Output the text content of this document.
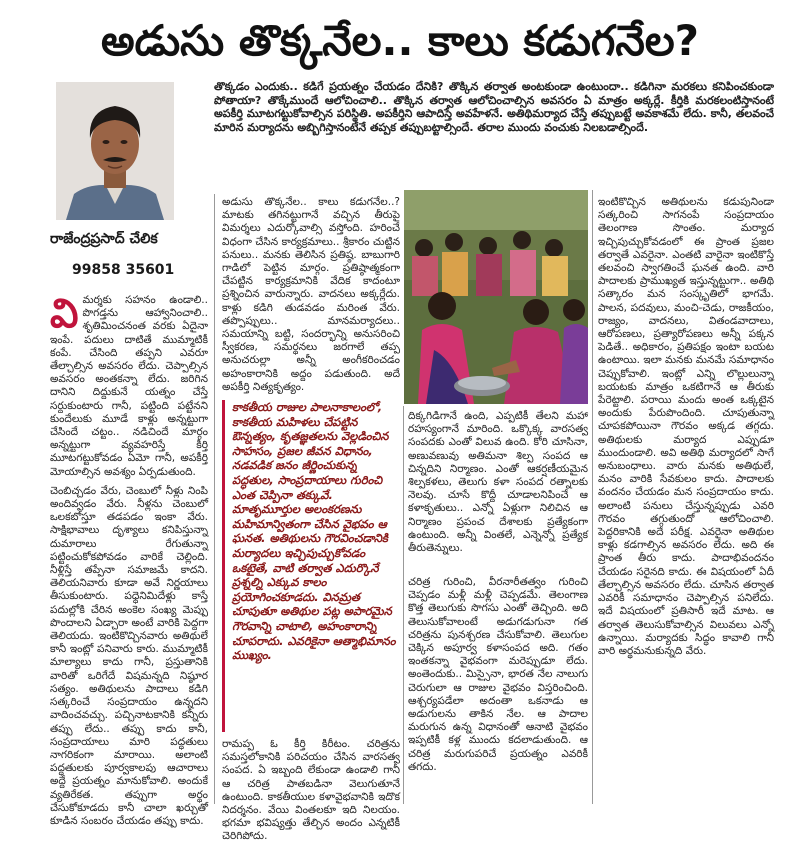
అడుసు తొక్కనేల.. కాలు కడుగనేల?
రాజేంద్రప్రసాద్ చేలిక
99858 35601
తొక్కడం ఎందుకు.. కడిగే ప్రయత్నం చేయడం దేనికి? తొక్కిన తర్వాత అంటకుండా ఉంటుందా.. కడిగినా మరకలు కనిపించకుండా పోతాయా? తొక్కేముందే ఆలోచించాలి.. తొక్కిన తర్వాత ఆలోచించాల్సిన అవసరం ఏ మాత్రం అక్కర్లే. కీర్తికి మరకలంటిస్తానంటే అపకీర్తి మూటగట్టుకోవాల్సిన పరిస్థితి. అపకీర్తిని ఆపాదిస్తే అవహేళనే. అతిథిమర్యాద చేస్తే తప్పుబట్టే అవకాశమే లేదు. కానీ, తలవంచే మారిన మర్యాదను అబ్బిగిస్తానంటేనే తప్పక తప్పుబట్టాల్సిందే. తరాల ముందు వంచుకు నిలబడాల్సిందే.

విమర్శకు సహనం ఉండాలి.. పొగడ్తను ఆహ్వానించాలి.. శృతిమించనంత వరకు ఏదైనా ఇంపే. పదులు దాటితే ముమ్మాటికీ కంపే. చేసింది తప్పని ఎవరూ తేల్చాల్సిన అవసరం లేదు. చెప్పాల్సిన అవసరం అంతకన్నా లేదు. జరిగిన దానిని దిద్దుకునే యత్నం చేస్తే సర్దుకుంటారు గానీ, పట్టింది పట్టేనని కుందేలుకు మూడే కాళ్లు అన్నట్టుగా చేసిందే చట్టం.. నడిచిందే మార్గం అన్నట్టుగా వ్యవహరిస్తే కీర్తి మూటగట్టుకోవడం ఏమో గానీ, అపకీర్తి మోయాల్సిన అవశ్యం ఏర్పడుతుంది.

చెంబిచ్చడం వేరు, చెంబులో నీళ్లు నింపి అందివ్వడం వేరు. నీళ్లను చెంబులో ఒలకబోస్తూ తడపడం ఇంకా వేరు. సాక్షిభావాలు దృశ్యాలు కనిపిస్తున్నా దుమారాలు రేగుతున్నా పట్టించుకోకపోవడం వారికే చెల్లింది. నీళ్లిస్తే తప్పేనా సమాజమే కాదని. తెలియనివారు కూడా అవే నిర్ణయాలు తీసుకుంటారు. పధ్ధెనిమిదేళ్లు కాస్తే పదుల్లోకి చేరిన అంకెల సంఖ్య మెప్పు పొందాలని ఏడ్చారా అంటే వారికి పెద్దగా తెలియదు. ఇంటికొచ్చినవారు అతిథులే కానీ ఇంట్లో పనివారు కారు. ముమ్మాటికీ మాల్యాలు కాదు గానీ, ప్రస్తుతానికి వారితో ఒరిగేదే విషమన్నది నిష్ఠూర సత్యం. అతిథులను పాదాలు కడిగి సత్కరించే సంప్రదాయం ఉన్నదని వాదించవచ్చు. పచ్చినాటకానికి కన్నీరు తప్పు లేదు.. తప్పు కాదు కానీ, సంప్రదాయాలు మారి పద్ధతులు నాగరికంగా మారాయి. అలాంటి పద్ధతులకు పూర్వకాలపు ఆచారాలు అద్దే ప్రయత్నం మానుకోవాలి. అందుకే వ్యతిరేకత. తప్పుగా అర్థం చేసుకోకూడదు కానీ చాలా ఖర్చుతో కూడిన సంబరం చేయడం తప్పు కాదు.

అడుసు తొక్కనేల.. కాలు కడుగనేల..? మాటకు తగినట్టుగానే వచ్చిన తీరుపై విమర్శలు ఎదుర్కోవాల్సి వస్తోంది. హరించే విధంగా చేసిన కార్యక్రమాలు.. శ్రీకారం చుట్టిన పనులు.. మనకు తెలిసిన ప్రతిష్ఠ. బాబుగారి గాడిలో పెట్టిన మార్గం. ప్రతిష్ఠాత్మకంగా చేపట్టిన కార్యక్రమానికి వేదిక కాదంటూ ప్రశ్నించిన వారున్నారు. వాదనలు అక్కర్లేదు. కాళ్లు కడిగి తుడవడం మరింత వేరు. తప్పొప్పులు.. మానమర్యాదలు.. సమయాన్ని బట్టి, సందర్భాన్ని అనుసరించి స్వీకరణ, సమర్థనలు జరగాలే తప్ప అనుచరుల్లా అన్నీ అంగీకరించడం అహంకారానికి అద్దం పడుతుంది. అదే అపకీర్తి నిత్యకృత్యం.
కాకతీయ రాజుల పాలనాకాలంలో, కాకతీయ మహిళలు చేపట్టిన ఔన్నత్యం, కృతజ్ఞతలను వెల్లడించిన సాహసం, ప్రజల జీవన విధానం, నడవడిక జనం జీర్ణించుకున్న పద్ధతుల, సాంప్రదాయాలు గురించి ఎంత చెప్పినా తక్కువే. మాతృమూర్తుల అలంకరణను మహిమాన్వితంగా చేసిన వైభవం ఆ ఘనత. అతిథులను గౌరవించడానికి మర్యాదలు ఇచ్చిపుచ్చుకోవడం ఒకటైతే, వాటి తర్వాత ఎదుర్కొనే ప్రశ్నల్ని ఎక్కువ కాలం ప్రయోగించకూడదు. వినమ్రత చూపుతూ అతిథుల పట్ల అపారమైన గౌరవాన్ని చాటాలి, అహంకారాన్ని చూపరాదు. ఎవరికైనా ఆత్మాభిమానం ముఖ్యం.
రామప్ప ఓ కీర్తి కిరీటం. చరిత్రను సమస్తలోకానికి పరిచయం చేసిన వారసత్వ సంపద. ఏ ఇబ్బంది లేకుండా ఉండాలి గానీ ఆ చరిత్ర పాతబడినా వెలుగుతూనే ఉంటుంది. కాకతీయుల కళావైభవానికి ఇదొక నిదర్శనం. వేయి వింతలకూ ఇది నిలయం. భగమా భవిష్యత్తు తేల్చిన అందం ఎన్నటికీ చెరిగిపోదు.
దిక్కగిడిగానే ఉంది, ఎప్పటికీ తేలని మహా రహస్యంగానే మారింది. ఒక్కొక్క వారసత్వ సంపదకు ఎంతో విలువ ఉంది. కోరి చూసినా, అణువణువు అతిమనా శిల్ప సంపద ఆ చిన్నదిని నిర్మాణం. ఎంతో ఆకర్షణీయమైన శిల్పకళలు, తెలుగు కళా సంపద రత్నాలకు నెలవు. చూసే కొద్దీ చూడాలనిపించే ఆ కళాకృతులు.. ఎన్నో ఏళ్లుగా నిలిచిన ఆ నిర్మాణం ప్రపంచ దేశాలకు ప్రత్యేకంగా ఉంటుంది. అన్నీ వింతలే, ఎన్నెన్నో ప్రత్యేక తీరుతెన్నులు.
చరిత్ర గురించి, వీరనారీతత్వం గురించి చెప్పడం మళ్లీ మళ్లీ చెప్పడమే. తెలంగాణ కొత్త తెలుగుకు సొగసు ఎంతో తెచ్చింది. అది తెలుసుకోవాలంటే అడుగడుగునా గత చరిత్రను పునశ్చరణ చేసుకోవాలి. తెలుగుల చెక్కిన అపూర్వ కళాసంపద అది. గతం ఇంతకన్నా వైభవంగా మరెప్పుడూ లేదు. అంతెందుకు.. మిస్సైనా, భారత నేల నాలుగు చెరుగులా ఆ రాజుల వైభవం విస్తరించింది. ఆశ్చర్యపడేలా అదంతా ఒకనాడు ఆ అడుగులను తాకిన నేల. ఆ పాదాల మరుగున ఉన్న విధానంతో ఆనాటి వైభవం ఇప్పటికీ కళ్ల ముందు కదలాడుతుంది. ఆ చరిత్ర మరుగుపరిచే ప్రయత్నం ఎవరికీ తగదు.
ఇంటికొచ్చిన అతిథులను కడుపునిండా సత్కరించి సాగనంపే సంప్రదాయం తెలంగాణ సొంతం. మర్యాద ఇచ్చిపుచ్చుకోవడంలో ఈ ప్రాంత ప్రజల తర్వాతే ఎవరైనా. ఎంతటి వారైనా ఇంటికొస్తే తలవంచి స్వాగతించే ఘనత ఉంది. వారి పాదాలకు ప్రాముఖ్యత ఇస్తున్నట్టుగా.. అతిథి సత్కారం మన సంస్కృతిలో భాగమే. పాలన, పదవులు, మంచి-చెడు, రాజకీయం, రాజ్యం, వాదనలు, వితండవాదాలు, ఆరోపణలు, ప్రత్యారోపణలు అన్నీ పక్కన పెడితే.. అధికారం, ప్రతిపక్షం ఇంటా బయట ఉంటాయి. ఇలా మనకు మనమే సమాధానం చెప్పుకోవాలి. ఇంట్లో ఎన్ని లొల్లులున్నా బయటకు మాత్రం ఒకటిగానే ఆ తీరుకు పేరెట్టాలి. పరాయి మందు అంత ఒక్కటైన అందుకు పేరుపొందింది. చూపుతున్నా చూపకపోయినా గౌరవం అక్కడ తగ్గదు. అతిథులకు మర్యాద ఎప్పుడూ ముందుండాలి. అవి అతిథి మర్యాదలో సాగే అనుబంధాలు. వారు మనకు అతిథులే, మనం వారికి సేవకులం కాదు. పాదాలకు వందనం చేయడం మన సంప్రదాయం కాదు. అలాంటి పనులు చేస్తున్నప్పుడు ఎవరి గౌరవం తగ్గుతుందో ఆలోచించాలి. పెద్దరికానికి అదే పరీక్ష. ఎవరైనా అతిథుల కాళ్లు కడగాల్సిన అవసరం లేదు. అది ఈ ప్రాంత తీరు కాదు. పాదాభివందనం చేయడం సరైనది కాదు. ఈ విషయంలో ఏదీ తేల్చాల్సిన అవసరం లేదు. చూసిన తర్వాత ఎవరికీ సమాధానం చెప్పాల్సిన పనిలేదు. ఇదే విషయంలో ప్రతిసారీ ఇదే మాట. ఆ తర్వాత తెలుసుకోవాల్సిన విలువలు ఎన్నో ఉన్నాయి. మర్యాదకు సిద్ధం కావాలి గానీ వారి అర్థమనుకున్నది వేరు.
